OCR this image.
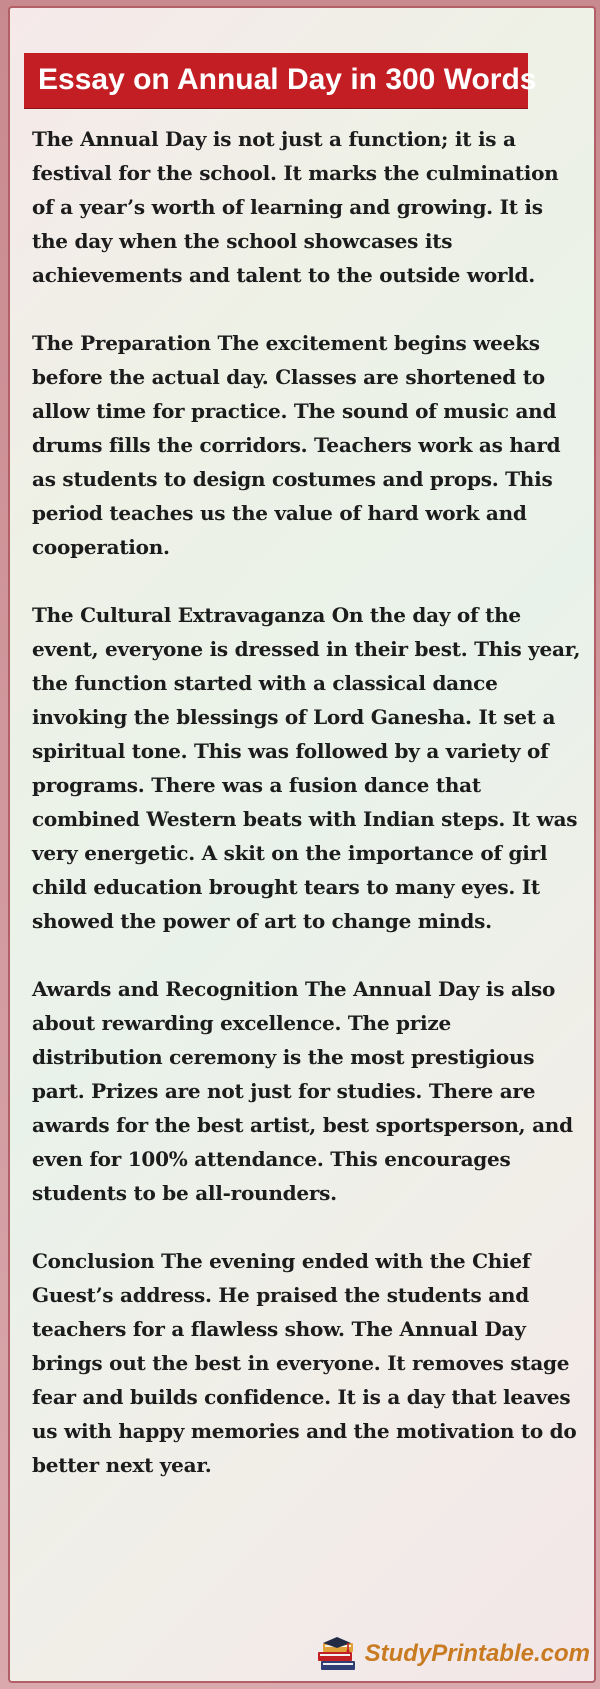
Essay on Annual Day in 300 Words

The Annual Day is not just a function; it is a festival for the school. It marks the culmination of a year’s worth of learning and growing. It is the day when the school showcases its achievements and talent to the outside world.

The Preparation The excitement begins weeks before the actual day. Classes are shortened to allow time for practice. The sound of music and drums fills the corridors. Teachers work as hard as students to design costumes and props. This period teaches us the value of hard work and cooperation.

The Cultural Extravaganza On the day of the event, everyone is dressed in their best. This year, the function started with a classical dance invoking the blessings of Lord Ganesha. It set a spiritual tone. This was followed by a variety of programs. There was a fusion dance that combined Western beats with Indian steps. It was very energetic. A skit on the importance of girl child education brought tears to many eyes. It showed the power of art to change minds.

Awards and Recognition The Annual Day is also about rewarding excellence. The prize distribution ceremony is the most prestigious part. Prizes are not just for studies. There are awards for the best artist, best sportsperson, and even for 100% attendance. This encourages students to be all-rounders.

Conclusion The evening ended with the Chief Guest’s address. He praised the students and teachers for a flawless show. The Annual Day brings out the best in everyone. It removes stage fear and builds confidence. It is a day that leaves us with happy memories and the motivation to do better next year.

StudyPrintable.com
